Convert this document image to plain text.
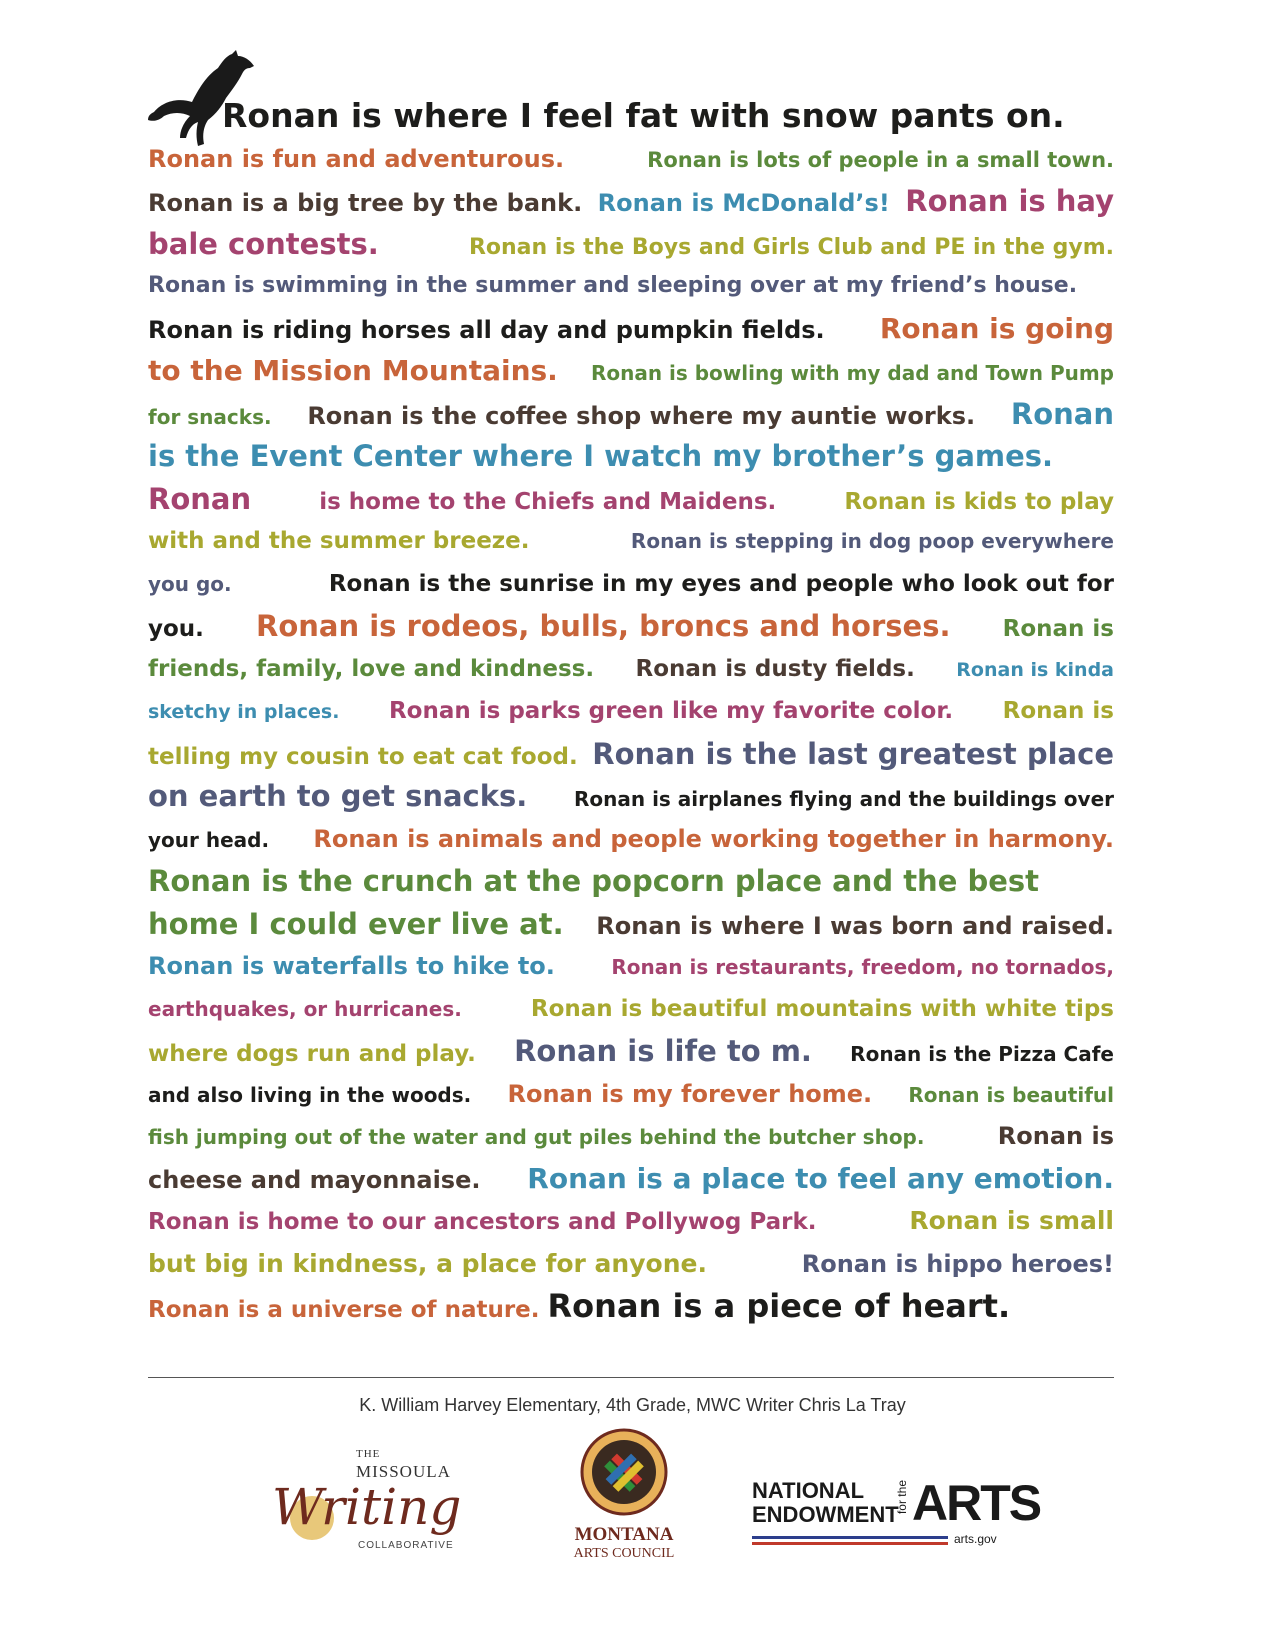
Ronan is where I feel fat with snow pants on.
Ronan is fun and adventurous.	Ronan is lots of people in a small town.
Ronan is a big tree by the bank. Ronan is McDonald’s! Ronan is hay
bale contests.	Ronan is the Boys and Girls Club and PE in the gym.
Ronan is swimming in the summer and sleeping over at my friend’s house.
Ronan is riding horses all day and pumpkin fields. Ronan is going
to the Mission Mountains. Ronan is bowling with my dad and Town Pump
for snacks. Ronan is the coffee shop where my auntie works. Ronan
is the Event Center where I watch my brother’s games.
Ronan	is home to the Chiefs and Maidens.	Ronan is kids to play
with and the summer breeze.	Ronan is stepping in dog poop everywhere
you go.	Ronan is the sunrise in my eyes and people who look out for
you. Ronan is rodeos, bulls, broncs and horses. Ronan is
friends, family, love and kindness. Ronan is dusty fields. Ronan is kinda
sketchy in places. Ronan is parks green like my favorite color. Ronan is
telling my cousin to eat cat food. Ronan is the last greatest place
on earth to get snacks. Ronan is airplanes flying and the buildings over
your head. Ronan is animals and people working together in harmony.
Ronan is the crunch at the popcorn place and the best
home I could ever live at. Ronan is where I was born and raised.
Ronan is waterfalls to hike to.	Ronan is restaurants, freedom, no tornados,
earthquakes, or hurricanes.	Ronan is beautiful mountains with white tips
where dogs run and play. Ronan is life to m. Ronan is the Pizza Cafe
and also living in the woods. Ronan is my forever home. Ronan is beautiful
fish jumping out of the water and gut piles behind the butcher shop.	Ronan is
cheese and mayonnaise. Ronan is a place to feel any emotion.
Ronan is home to our ancestors and Pollywog Park.	Ronan is small
but big in kindness, a place for anyone.	Ronan is hippo heroes!
Ronan is a universe of nature. Ronan is a piece of heart.
K. William Harvey Elementary, 4th Grade, MWC Writer Chris La Tray
THE
MISSOULA
Writing
COLLABORATIVE
MONTANA
ARTS COUNCIL
NATIONAL
ENDOWMENT
for the ARTS
arts.gov
